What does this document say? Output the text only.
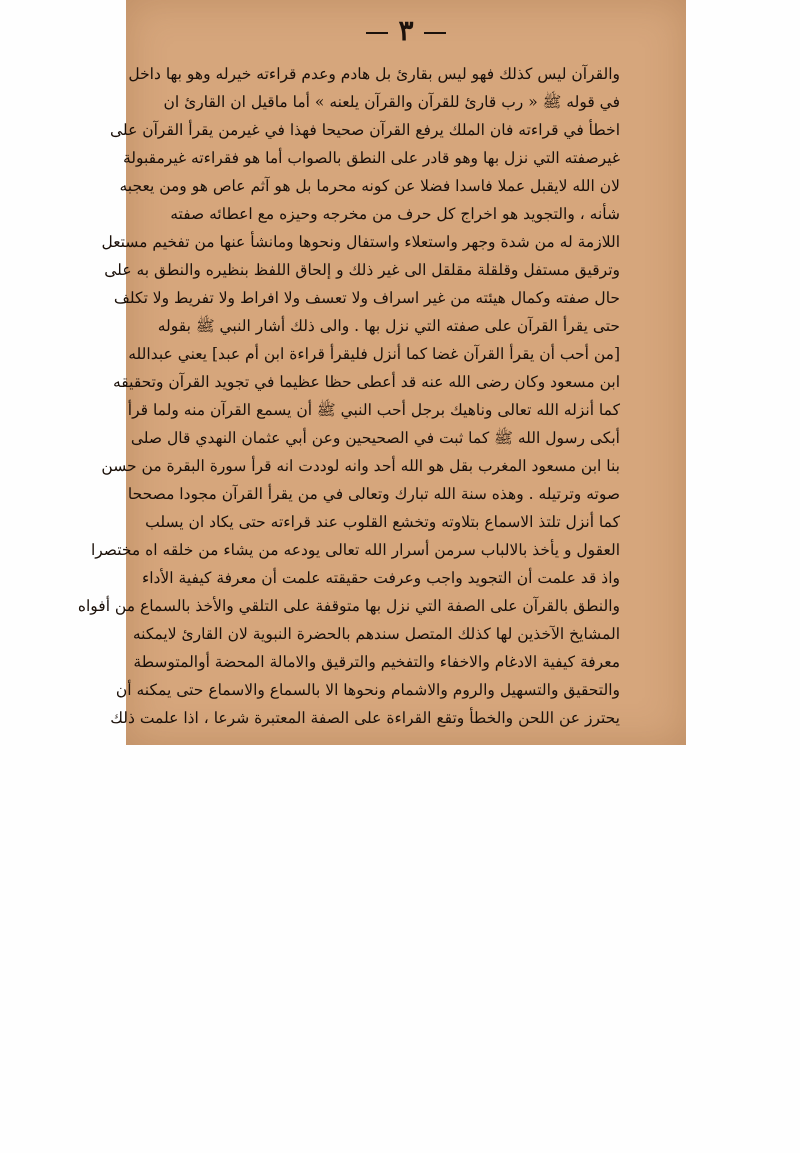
٣
والقرآن ليس كذلك فهو ليس بقارئ بل هادم وعدم قراءته خيرله وهو بها داخل
في قوله ﷺ « رب قارئ للقرآن والقرآن يلعنه » أما ماقيل ان القارئ ان
اخطأ في قراءته فان الملك يرفع القرآن صحيحا فهذا في غيرمن يقرأ القرآن على
غيرصفته التي نزل بها وهو قادر على النطق بالصواب أما هو فقراءته غيرمقبولة
لان الله لايقبل عملا فاسدا فضلا عن كونه محرما بل هو آثم عاص هو ومن يعجبه
شأنه ، والتجويد هو اخراج كل حرف من مخرجه وحيزه مع اعطائه صفته
اللازمة له من شدة وجهر واستعلاء واستفال ونحوها ومانشأ عنها من تفخيم مستعل
وترقيق مستفل وقلقلة مقلقل الى غير ذلك و إلحاق اللفظ بنظيره والنطق به على
حال صفته وكمال هيئته من غير اسراف ولا تعسف ولا افراط ولا تفريط ولا تكلف
حتى يقرأ القرآن على صفته التي نزل بها . والى ذلك أشار النبي ﷺ بقوله
[من أحب أن يقرأ القرآن غضا كما أنزل فليقرأ قراءة ابن أم عبد] يعني عبدالله
ابن مسعود وكان رضى الله عنه قد أعطى حظا عظيما في تجويد القرآن وتحقيقه
كما أنزله الله تعالى وناهيك برجل أحب النبي ﷺ أن يسمع القرآن منه ولما قرأ
أبكى رسول الله ﷺ كما ثبت في الصحيحين وعن أبي عثمان النهدي قال صلى
بنا ابن مسعود المغرب بقل هو الله أحد وانه لوددت انه قرأ سورة البقرة من حسن
صوته وترتيله . وهذه سنة الله تبارك وتعالى في من يقرأ القرآن مجودا مصححا
كما أنزل تلتذ الاسماع بتلاوته وتخشع القلوب عند قراءته حتى يكاد ان يسلب
العقول و يأخذ بالالباب سرمن أسرار الله تعالى يودعه من يشاء من خلقه اه مختصرا
واذ قد علمت أن التجويد واجب وعرفت حقيقته علمت أن معرفة كيفية الأداء
والنطق بالقرآن على الصفة التي نزل بها متوقفة على التلقي والأخذ بالسماع من أفواه
المشايخ الآخذين لها كذلك المتصل سندهم بالحضرة النبوية لان القارئ لايمكنه
معرفة كيفية الادغام والاخفاء والتفخيم والترقيق والامالة المحضة أوالمتوسطة
والتحقيق والتسهيل والروم والاشمام ونحوها الا بالسماع والاسماع حتى يمكنه أن
يحترز عن اللحن والخطأ وتقع القراءة على الصفة المعتبرة شرعا ، اذا علمت ذلك
